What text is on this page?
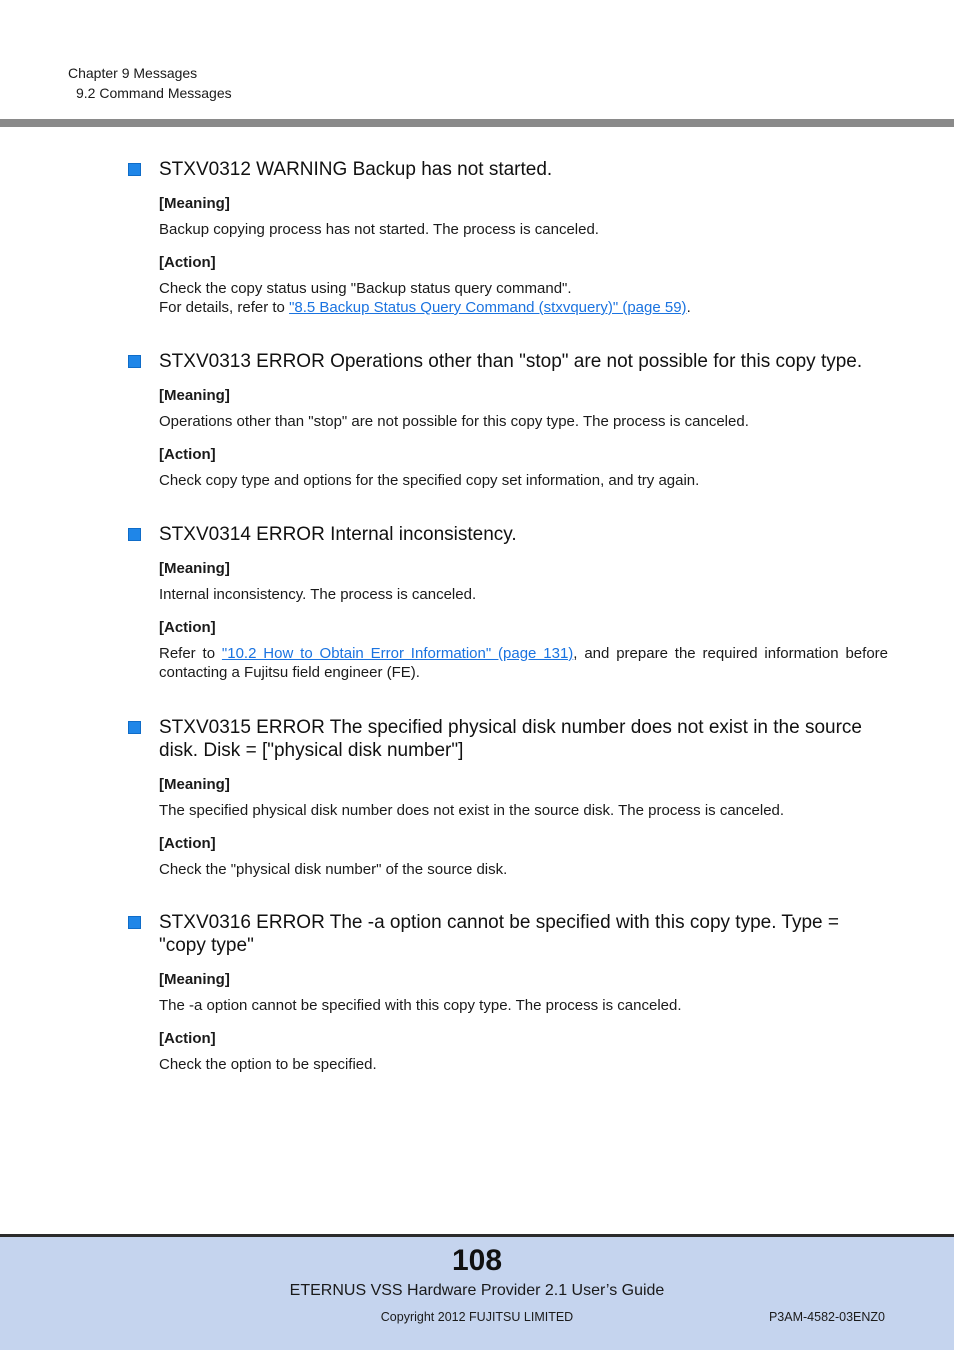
Chapter 9 Messages
9.2 Command Messages
STXV0312 WARNING Backup has not started.
[Meaning]
Backup copying process has not started. The process is canceled.
[Action]
Check the copy status using "Backup status query command".
For details, refer to "8.5 Backup Status Query Command (stxvquery)" (page 59).
STXV0313 ERROR Operations other than "stop" are not possible for this copy type.
[Meaning]
Operations other than "stop" are not possible for this copy type. The process is canceled.
[Action]
Check copy type and options for the specified copy set information, and try again.
STXV0314 ERROR Internal inconsistency.
[Meaning]
Internal inconsistency. The process is canceled.
[Action]
Refer to "10.2 How to Obtain Error Information" (page 131), and prepare the required information before contacting a Fujitsu field engineer (FE).
STXV0315 ERROR The specified physical disk number does not exist in the source disk. Disk = ["physical disk number"]
[Meaning]
The specified physical disk number does not exist in the source disk. The process is canceled.
[Action]
Check the "physical disk number" of the source disk.
STXV0316 ERROR The -a option cannot be specified with this copy type. Type = "copy type"
[Meaning]
The -a option cannot be specified with this copy type. The process is canceled.
[Action]
Check the option to be specified.
108
ETERNUS VSS Hardware Provider 2.1 User’s Guide
Copyright 2012 FUJITSU LIMITED	P3AM-4582-03ENZ0
